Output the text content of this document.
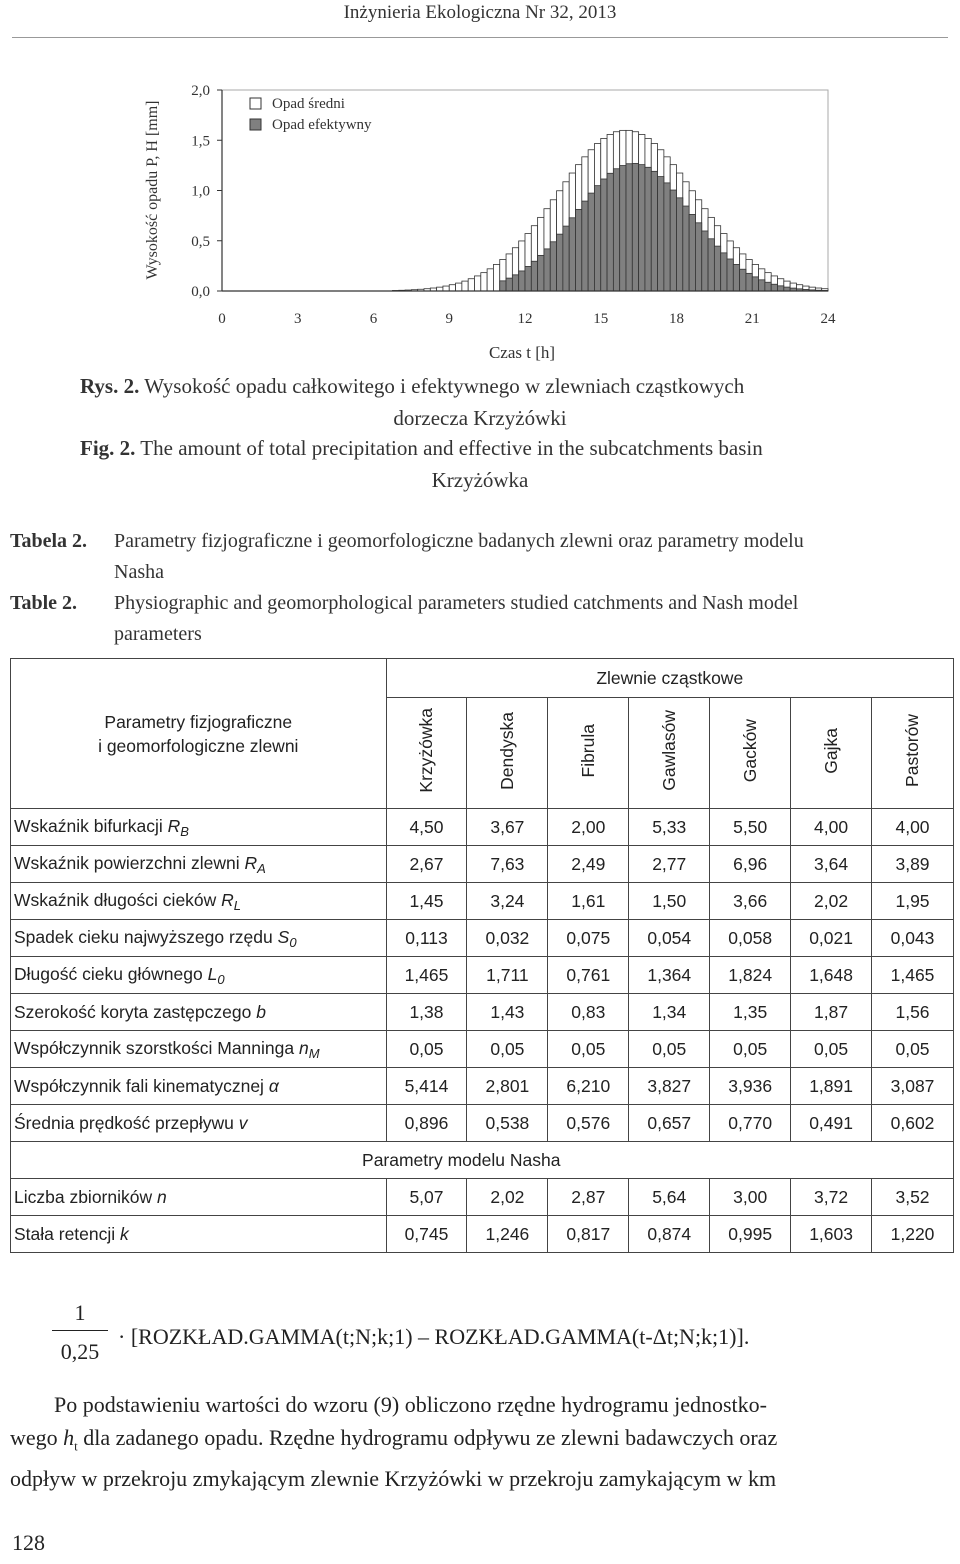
Inżynieria Ekologiczna Nr 32, 2013
0,0
0,5
1,0
1,5
2,0
0	3	6	9	12	15	18	21	24
Wysokość opadu P, H [mm]
Czas t [h]
Opad średni
Opad efektywny
Rys. 2. Wysokość opadu całkowitego i efektywnego w zlewniach cząstkowych
dorzecza Krzyżówki
Fig. 2. The amount of total precipitation and effective in the subcatchments basin
Krzyżówka
Tabela 2. Parametry fizjograficzne i geomorfologiczne badanych zlewni oraz parametry modelu
Nasha
Table 2. Physiographic and geomorphological parameters studied catchments and Nash model
parameters
Parametry fizjograficzne
i geomorfologiczne zlewni	Zlewnie cząstkowe						
	Krzyżówka	Dendyska	Fibrula	Gawlasów	Gacków	Gajka	Pastorów
Wskaźnik bifurkacji $R_B$	4,50	3,67	2,00	5,33	5,50	4,00	4,00
Wskaźnik powierzchni zlewni $R_A$	2,67	7,63	2,49	2,77	6,96	3,64	3,89
Wskaźnik długości cieków $R_L$	1,45	3,24	1,61	1,50	3,66	2,02	1,95
Spadek cieku najwyższego rzędu $S_0$	0,113	0,032	0,075	0,054	0,058	0,021	0,043
Długość cieku głównego $L_0$	1,465	1,711	0,761	1,364	1,824	1,648	1,465
Szerokość koryta zastępczego b	1,38	1,43	0,83	1,34	1,35	1,87	1,56
Współczynnik szorstkości Manninga $n_M$	0,05	0,05	0,05	0,05	0,05	0,05	0,05
Współczynnik fali kinematycznej α	5,414	2,801	6,210	3,827	3,936	1,891	3,087
Średnia prędkość przepływu v	0,896	0,538	0,576	0,657	0,770	0,491	0,602
	Parametry modelu Nasha						
Liczba zbiorników n	5,07	2,02	2,87	5,64	3,00	3,72	3,52
Stała retencji k	0,745	1,246	0,817	0,874	0,995	1,603	1,220
1
0,25
· [ROZKŁAD.GAMMA(t;N;k;1) – ROZKŁAD.GAMMA(t-Δt;N;k;1)].
Po podstawieniu wartości do wzoru (9) obliczono rzędne hydrogramu jednostko-
wego $h_t$ dla zadanego opadu. Rzędne hydrogramu odpływu ze zlewni badawczych oraz
odpływ w przekroju zmykającym zlewnie Krzyżówki w przekroju zamykającym w km
128
